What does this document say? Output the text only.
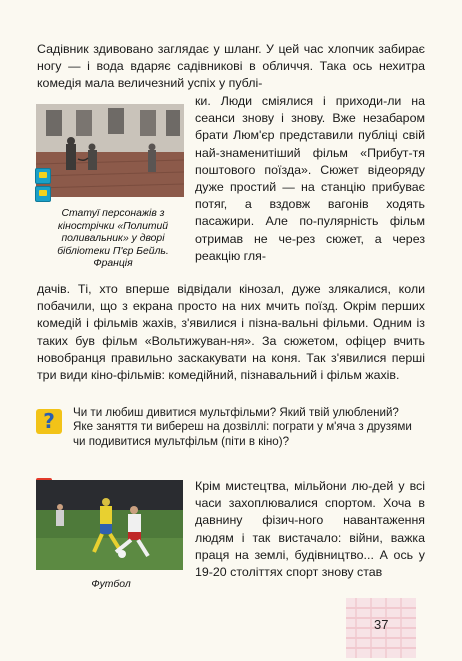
Садівник здивовано заглядає у шланг. У цей час хлопчик забирає ногу — і вода вдаряє садівникові в обличчя. Така ось нехитра комедія мала величезний успіх у публі-

Статуї персонажів з кінострічки «Политий поливальник» у дворі бібліотеки П'єр Бейль. Франція

ки. Люди сміялися і приходи-ли на сеанси знову і знову. Вже незабаром брати Люм'єр представили публіці свій най-знаменитіший фільм «Прибут-тя поштового поїзда». Сюжет відеоряду дуже простий — на станцію прибуває потяг, а вздовж вагонів ходять пасажири. Але по-пулярність фільм отримав не че-рез сюжет, а через реакцію гля-

дачів. Ті, хто вперше відвідали кінозал, дуже злякалися, коли побачили, що з екрана просто на них мчить поїзд. Окрім перших комедій і фільмів жахів, з'явилися і пізна-вальні фільми. Одним із таких був фільм «Вольтижуван-ня». За сюжетом, офіцер вчить новобранця правильно заскакувати на коня. Так з'явилися перші три види кіно-фільмів: комедійний, пізнавальний і фільм жахів.

?	Чи ти любиш дивитися мультфільми? Який твій улюблений?
Яке заняття ти вибереш на дозвіллі: пограти у м'яча з друзями чи подивитися мультфільм (піти в кіно)?

Футбол

Крім мистецтва, мільйони лю-дей у всі часи захоплювалися спортом. Хоча в давнину фізич-ного навантаження людям і так вистачало: війни, важка праця на землі, будівництво... А ось у 19-20 століттях спорт знову став

37
